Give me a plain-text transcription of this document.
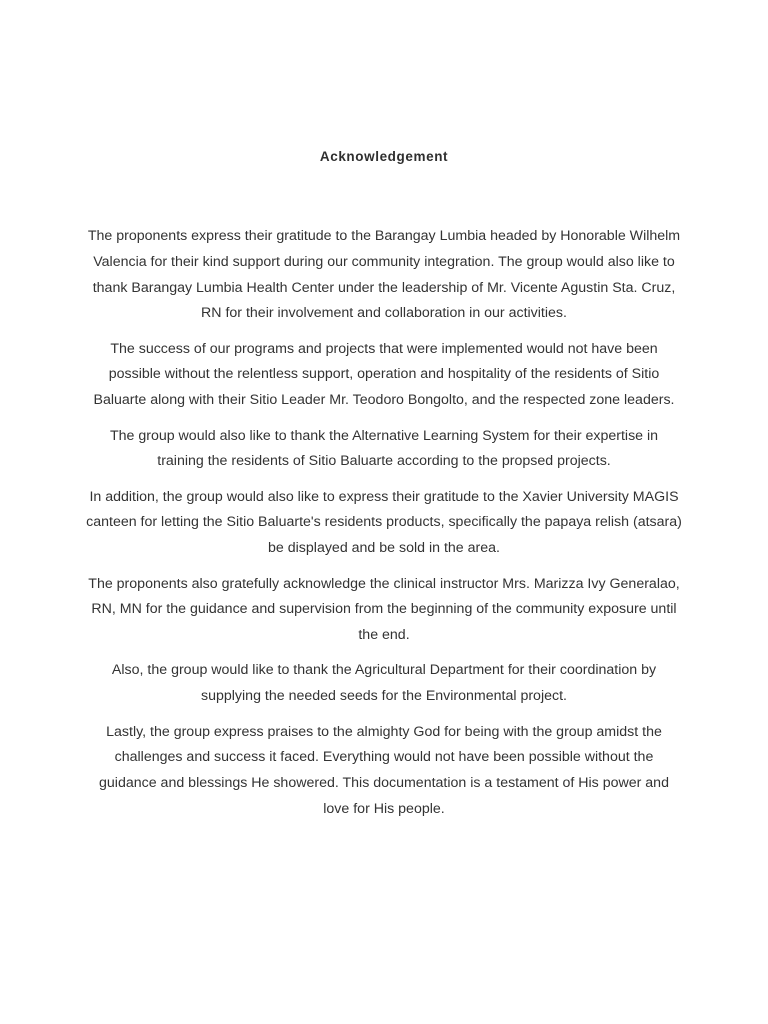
Acknowledgement

The proponents express their gratitude to the Barangay Lumbia headed by Honorable Wilhelm Valencia for their kind support during our community integration. The group would also like to thank Barangay Lumbia Health Center under the leadership of Mr. Vicente Agustin Sta. Cruz, RN for their involvement and collaboration in our activities.

The success of our programs and projects that were implemented would not have been possible without the relentless support, operation and hospitality of the residents of Sitio Baluarte along with their Sitio Leader Mr. Teodoro Bongolto, and the respected zone leaders.

The group would also like to thank the Alternative Learning System for their expertise in training the residents of Sitio Baluarte according to the propsed projects.

In addition, the group would also like to express their gratitude to the Xavier University MAGIS canteen for letting the Sitio Baluarte's residents products, specifically the papaya relish (atsara) be displayed and be sold in the area.

The proponents also gratefully acknowledge the clinical instructor Mrs. Marizza Ivy Generalao, RN, MN for the guidance and supervision from the beginning of the community exposure until the end.

Also, the group would like to thank the Agricultural Department for their coordination by supplying the needed seeds for the Environmental project.

Lastly, the group express praises to the almighty God for being with the group amidst the challenges and success it faced. Everything would not have been possible without the guidance and blessings He showered. This documentation is a testament of His power and love for His people.
